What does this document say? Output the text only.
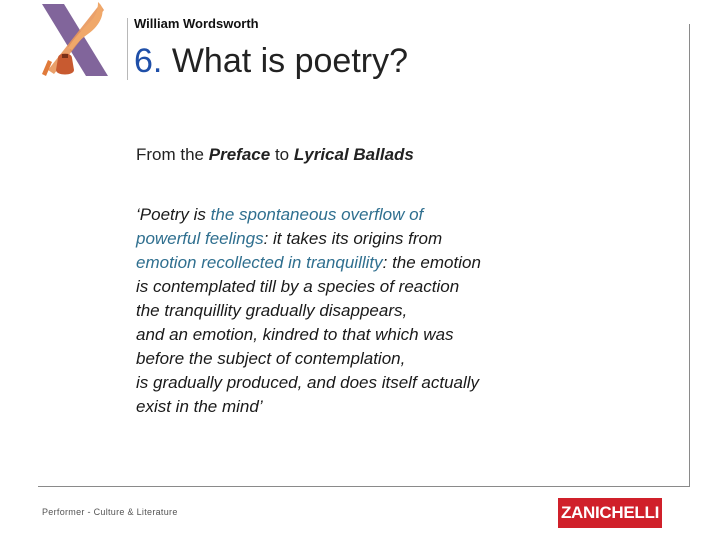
William Wordsworth
6. What is poetry?
From the Preface to Lyrical Ballads
‘Poetry is the spontaneous overflow of
powerful feelings: it takes its origins from
emotion recollected in tranquillity: the emotion
is contemplated till by a species of reaction
the tranquillity gradually disappears,
and an emotion, kindred to that which was
before the subject of contemplation,
is gradually produced, and does itself actually
exist in the mind’
Performer - Culture & Literature	ZANICHELLI
